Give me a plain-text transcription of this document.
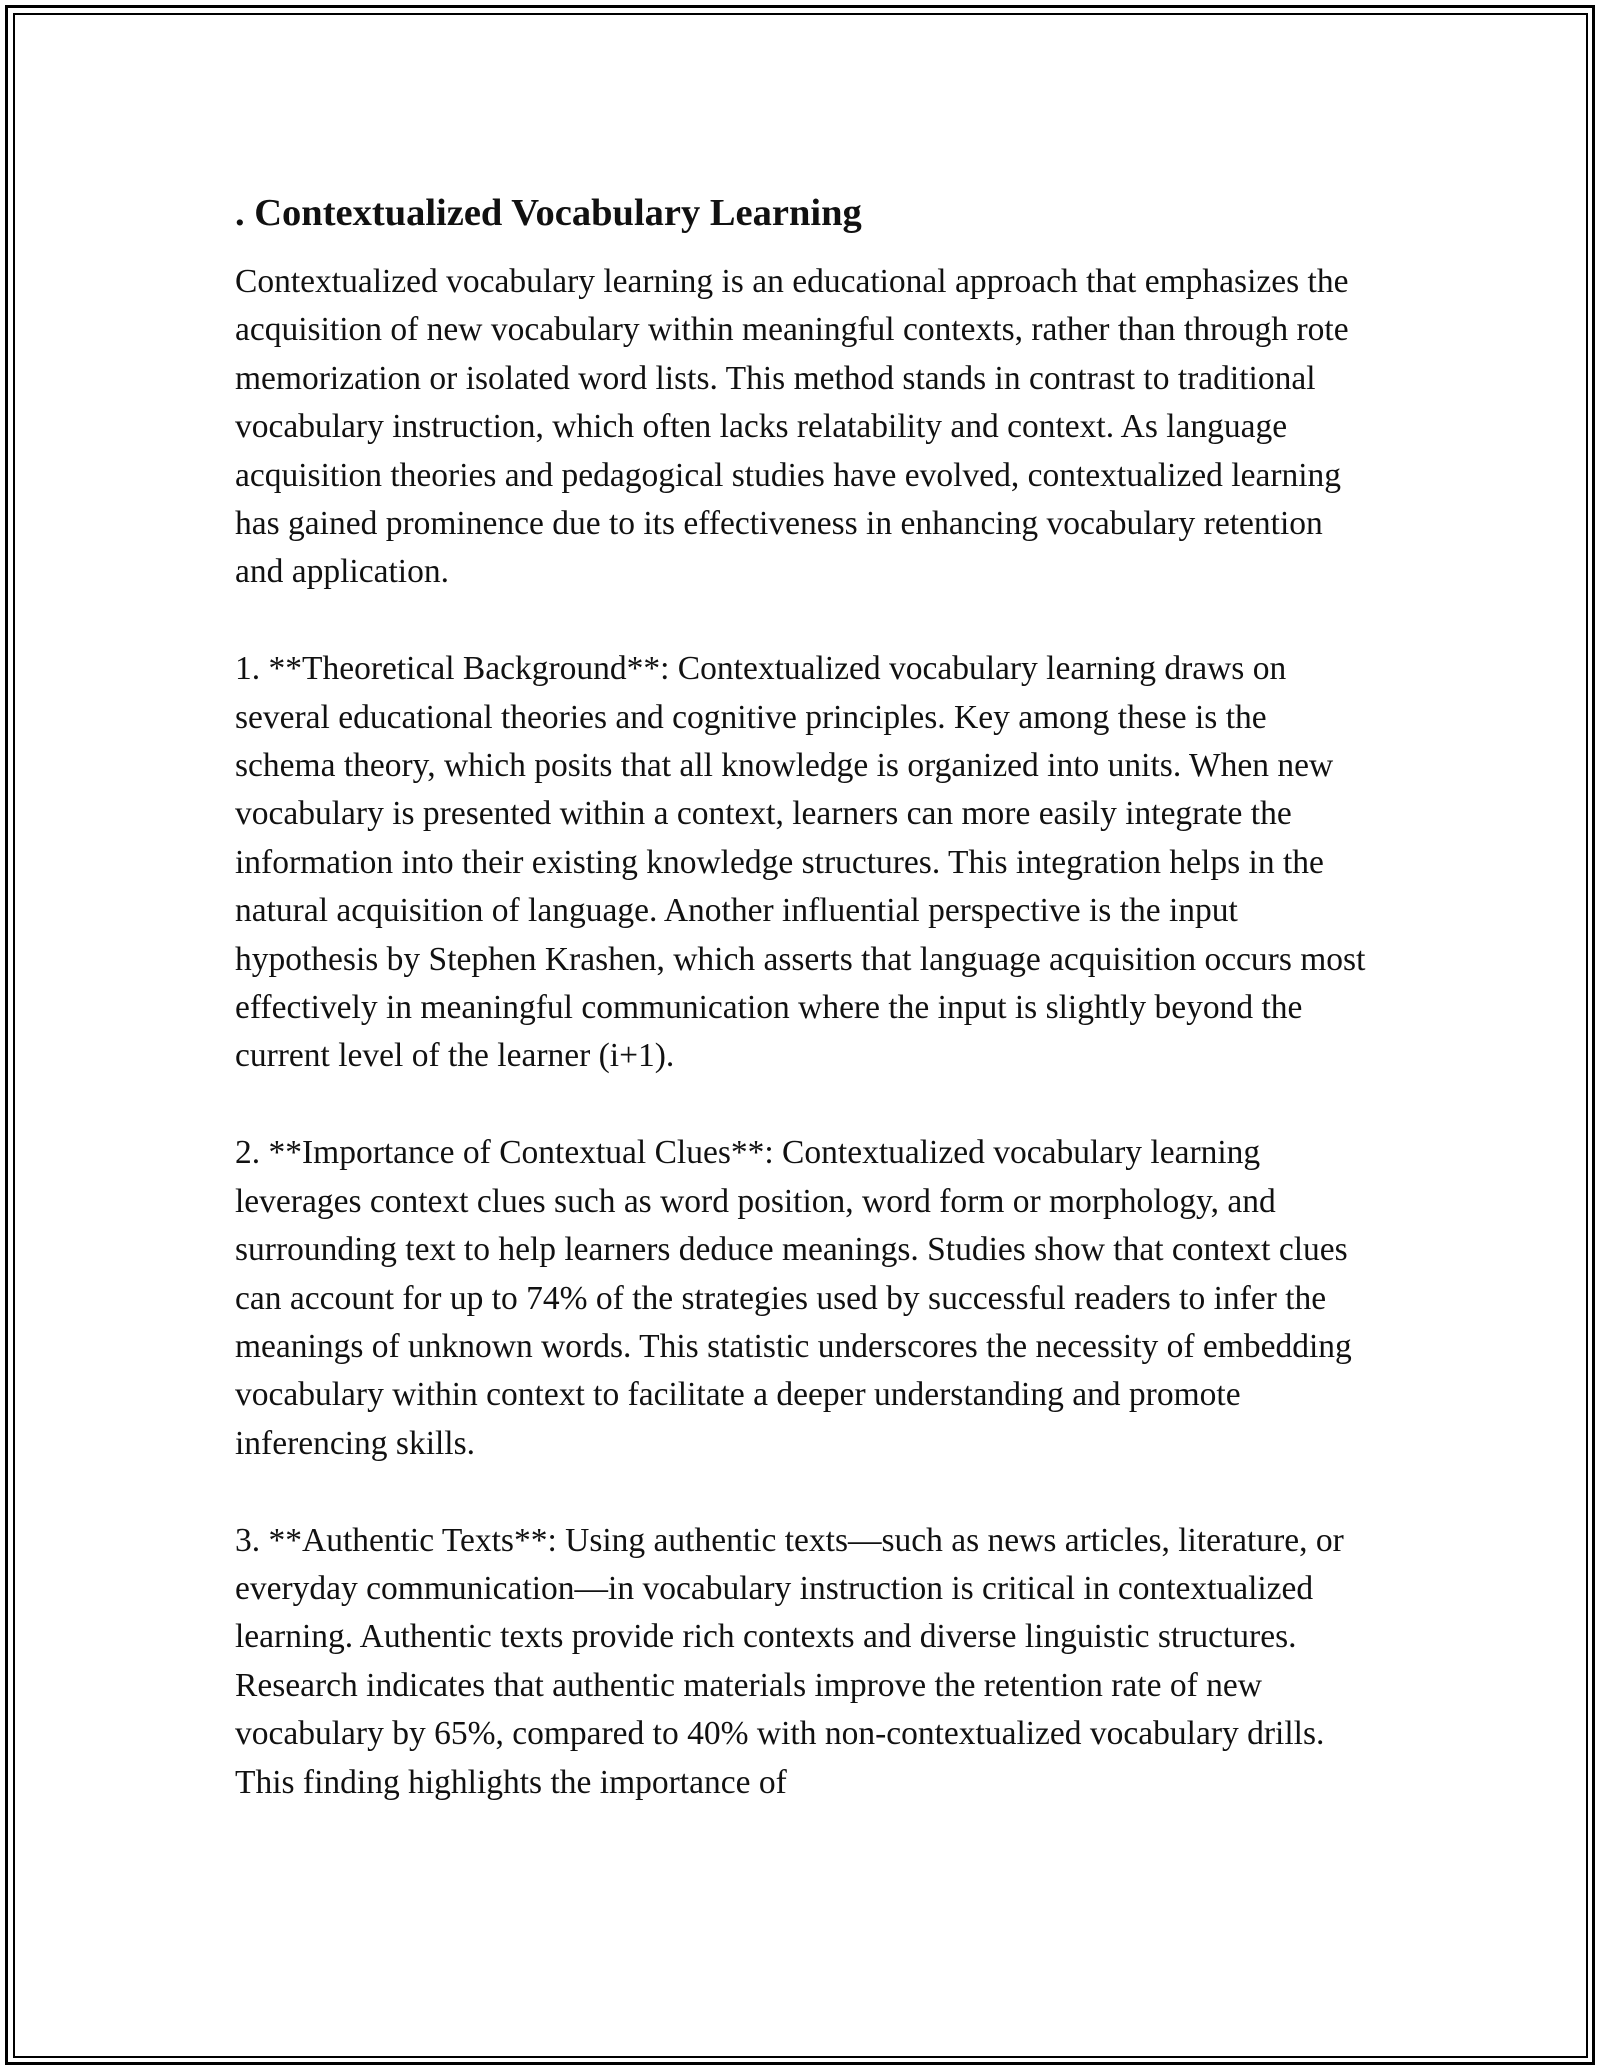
. Contextualized Vocabulary Learning

Contextualized vocabulary learning is an educational approach that emphasizes the acquisition of new vocabulary within meaningful contexts, rather than through rote memorization or isolated word lists. This method stands in contrast to traditional vocabulary instruction, which often lacks relatability and context. As language acquisition theories and pedagogical studies have evolved, contextualized learning has gained prominence due to its effectiveness in enhancing vocabulary retention and application.

1. **Theoretical Background**: Contextualized vocabulary learning draws on several educational theories and cognitive principles. Key among these is the schema theory, which posits that all knowledge is organized into units. When new vocabulary is presented within a context, learners can more easily integrate the information into their existing knowledge structures. This integration helps in the natural acquisition of language. Another influential perspective is the input hypothesis by Stephen Krashen, which asserts that language acquisition occurs most effectively in meaningful communication where the input is slightly beyond the current level of the learner (i+1).

2. **Importance of Contextual Clues**: Contextualized vocabulary learning leverages context clues such as word position, word form or morphology, and surrounding text to help learners deduce meanings. Studies show that context clues can account for up to 74% of the strategies used by successful readers to infer the meanings of unknown words. This statistic underscores the necessity of embedding vocabulary within context to facilitate a deeper understanding and promote inferencing skills.

3. **Authentic Texts**: Using authentic texts—such as news articles, literature, or everyday communication—in vocabulary instruction is critical in contextualized learning. Authentic texts provide rich contexts and diverse linguistic structures. Research indicates that authentic materials improve the retention rate of new vocabulary by 65%, compared to 40% with non-contextualized vocabulary drills. This finding highlights the importance of
